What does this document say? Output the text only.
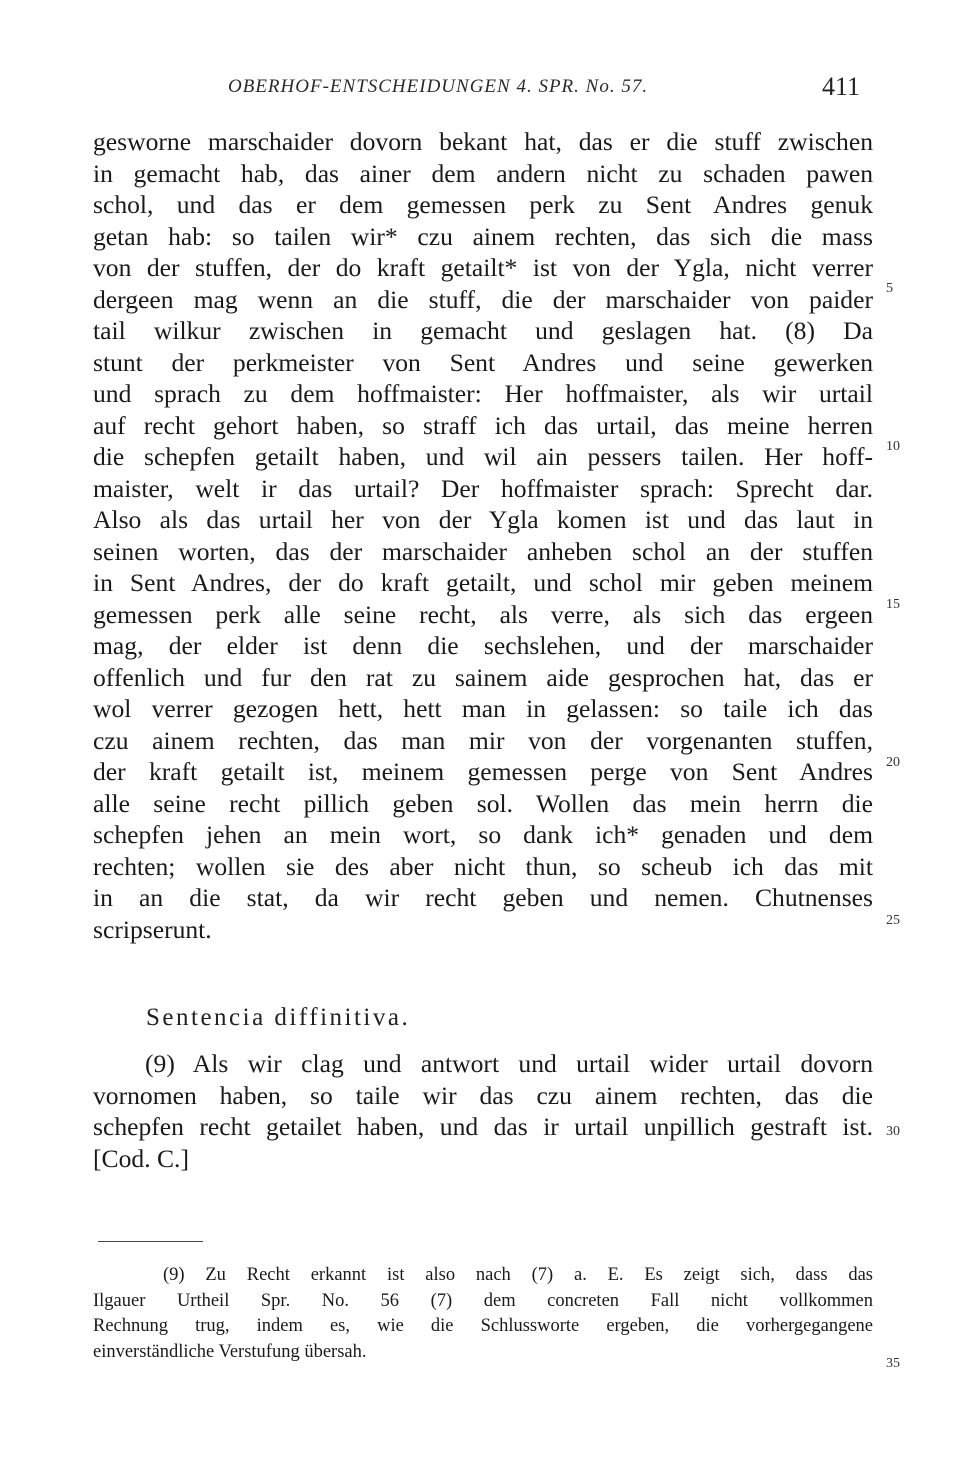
OBERHOF-ENTSCHEIDUNGEN 4. SPR. No. 57.	411
gesworne marschaider dovorn bekant hat, das er die stuff zwischen
in gemacht hab, das ainer dem andern nicht zu schaden pawen
schol, und das er dem gemessen perk zu Sent Andres genuk
getan hab: so tailen wir* czu ainem rechten, das sich die mass
von der stuffen, der do kraft getailt* ist von der Ygla, nicht verrer
dergeen mag wenn an die stuff, die der marschaider von paider
tail wilkur zwischen in gemacht und geslagen hat. (8) Da
stunt der perkmeister von Sent Andres und seine gewerken
und sprach zu dem hoffmaister: Her hoffmaister, als wir urtail
auf recht gehort haben, so straff ich das urtail, das meine herren
die schepfen getailt haben, und wil ain pessers tailen. Her hoff-
maister, welt ir das urtail? Der hoffmaister sprach: Sprecht dar.
Also als das urtail her von der Ygla komen ist und das laut in
seinen worten, das der marschaider anheben schol an der stuffen
in Sent Andres, der do kraft getailt, und schol mir geben meinem
gemessen perk alle seine recht, als verre, als sich das ergeen
mag, der elder ist denn die sechslehen, und der marschaider
offenlich und fur den rat zu sainem aide gesprochen hat, das er
wol verrer gezogen hett, hett man in gelassen: so taile ich das
czu ainem rechten, das man mir von der vorgenanten stuffen,
der kraft getailt ist, meinem gemessen perge von Sent Andres
alle seine recht pillich geben sol. Wollen das mein herrn die
schepfen jehen an mein wort, so dank ich* genaden und dem
rechten; wollen sie des aber nicht thun, so scheub ich das mit
in an die stat, da wir recht geben und nemen. Chutnenses
scripserunt.
Sentencia diffinitiva.
(9) Als wir clag und antwort und urtail wider urtail dovorn
vornomen haben, so taile wir das czu ainem rechten, das die
schepfen recht getailet haben, und das ir urtail unpillich gestraft ist.
[Cod. C.]
5
10
15
20
25
30
35
(9) Zu Recht erkannt ist also nach (7) a. E. Es zeigt sich, dass das
Ilgauer Urtheil Spr. No. 56 (7) dem concreten Fall nicht vollkommen
Rechnung trug, indem es, wie die Schlussworte ergeben, die vorhergegangene
einverständliche Verstufung übersah.
